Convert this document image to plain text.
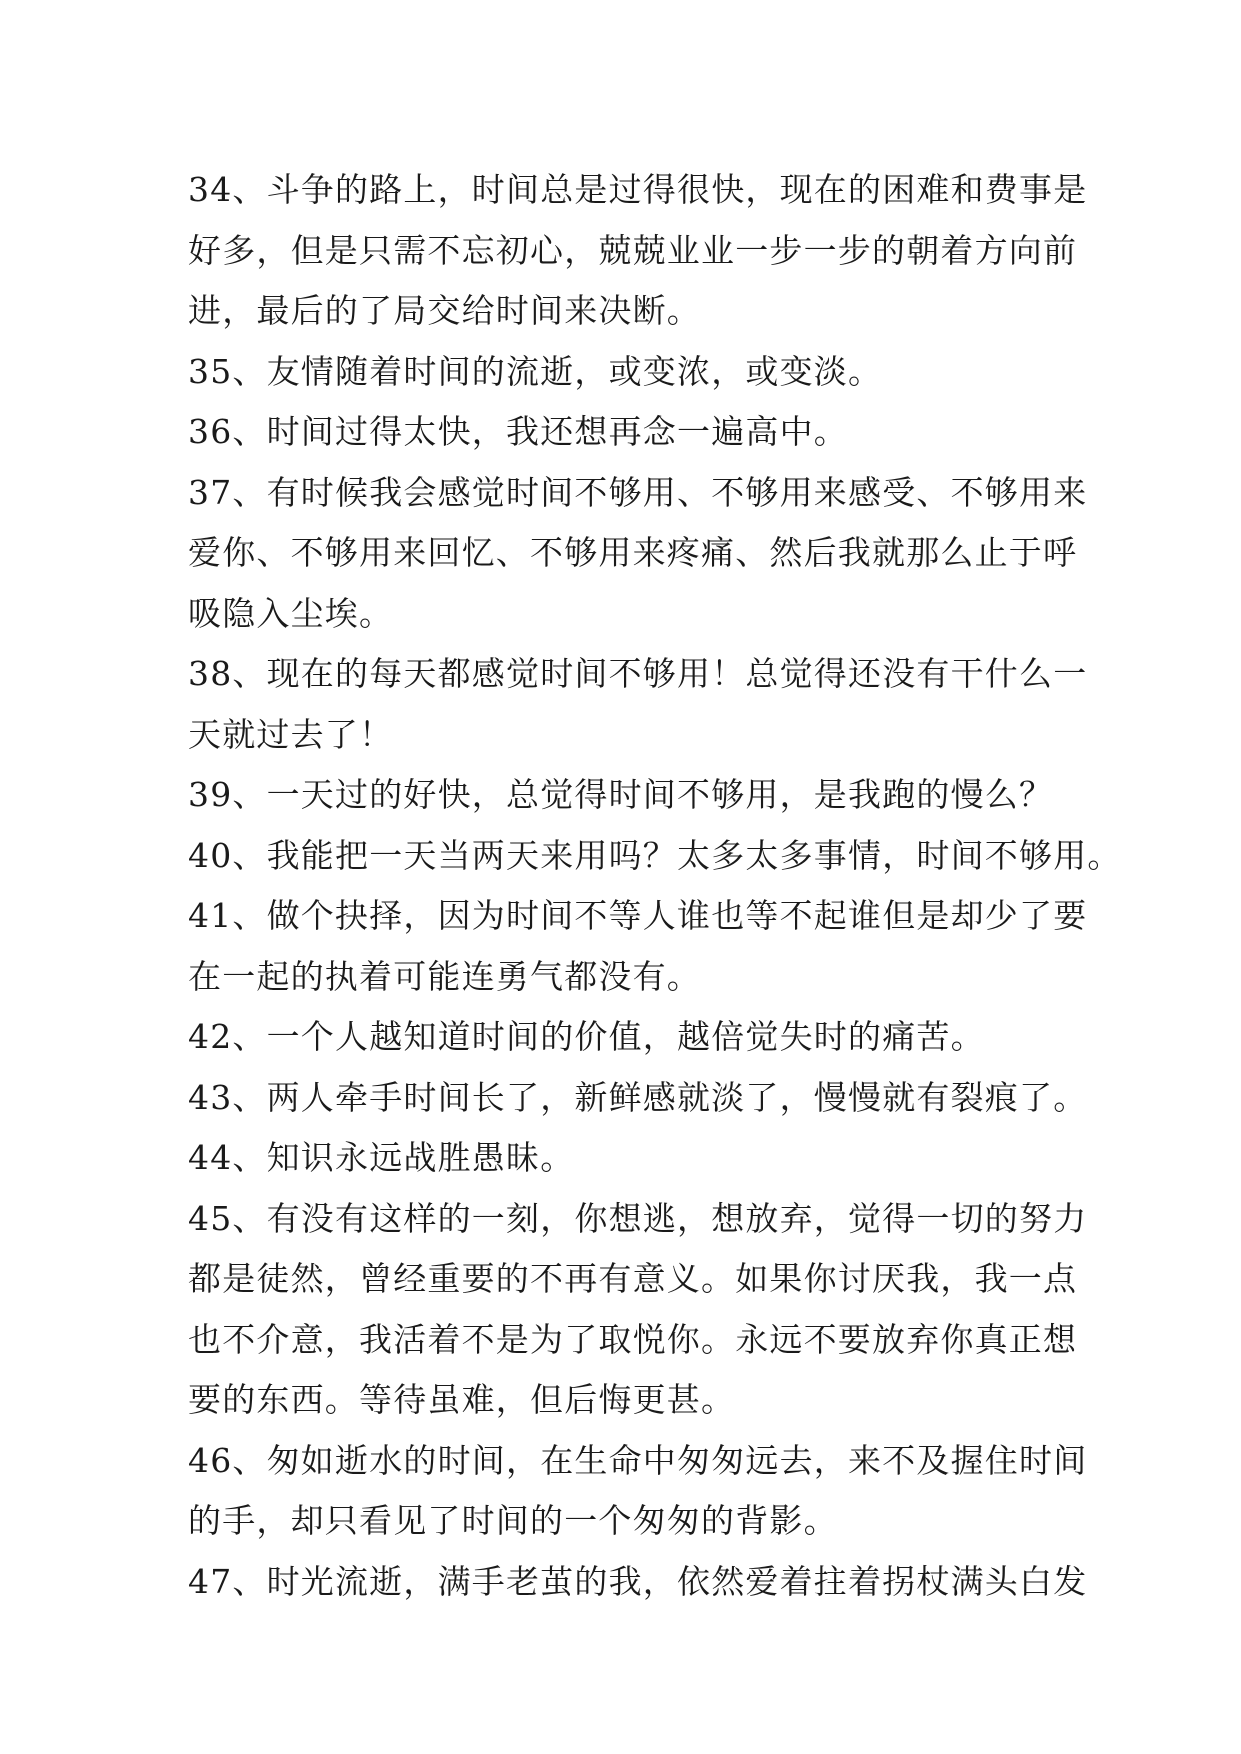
34、斗争的路上，时间总是过得很快，现在的困难和费事是
好多，但是只需不忘初心，兢兢业业一步一步的朝着方向前
进，最后的了局交给时间来决断。
35、友情随着时间的流逝，或变浓，或变淡。
36、时间过得太快，我还想再念一遍高中。
37、有时候我会感觉时间不够用、不够用来感受、不够用来
爱你、不够用来回忆、不够用来疼痛、然后我就那么止于呼
吸隐入尘埃。
38、现在的每天都感觉时间不够用！总觉得还没有干什么一
天就过去了！
39、一天过的好快，总觉得时间不够用，是我跑的慢么？
40、我能把一天当两天来用吗？太多太多事情，时间不够用。
41、做个抉择，因为时间不等人谁也等不起谁但是却少了要
在一起的执着可能连勇气都没有。
42、一个人越知道时间的价值，越倍觉失时的痛苦。
43、两人牵手时间长了，新鲜感就淡了，慢慢就有裂痕了。
44、知识永远战胜愚昧。
45、有没有这样的一刻，你想逃，想放弃，觉得一切的努力
都是徒然，曾经重要的不再有意义。如果你讨厌我，我一点
也不介意，我活着不是为了取悦你。永远不要放弃你真正想
要的东西。等待虽难，但后悔更甚。
46、匆如逝水的时间，在生命中匆匆远去，来不及握住时间
的手，却只看见了时间的一个匆匆的背影。
47、时光流逝，满手老茧的我，依然爱着拄着拐杖满头白发
